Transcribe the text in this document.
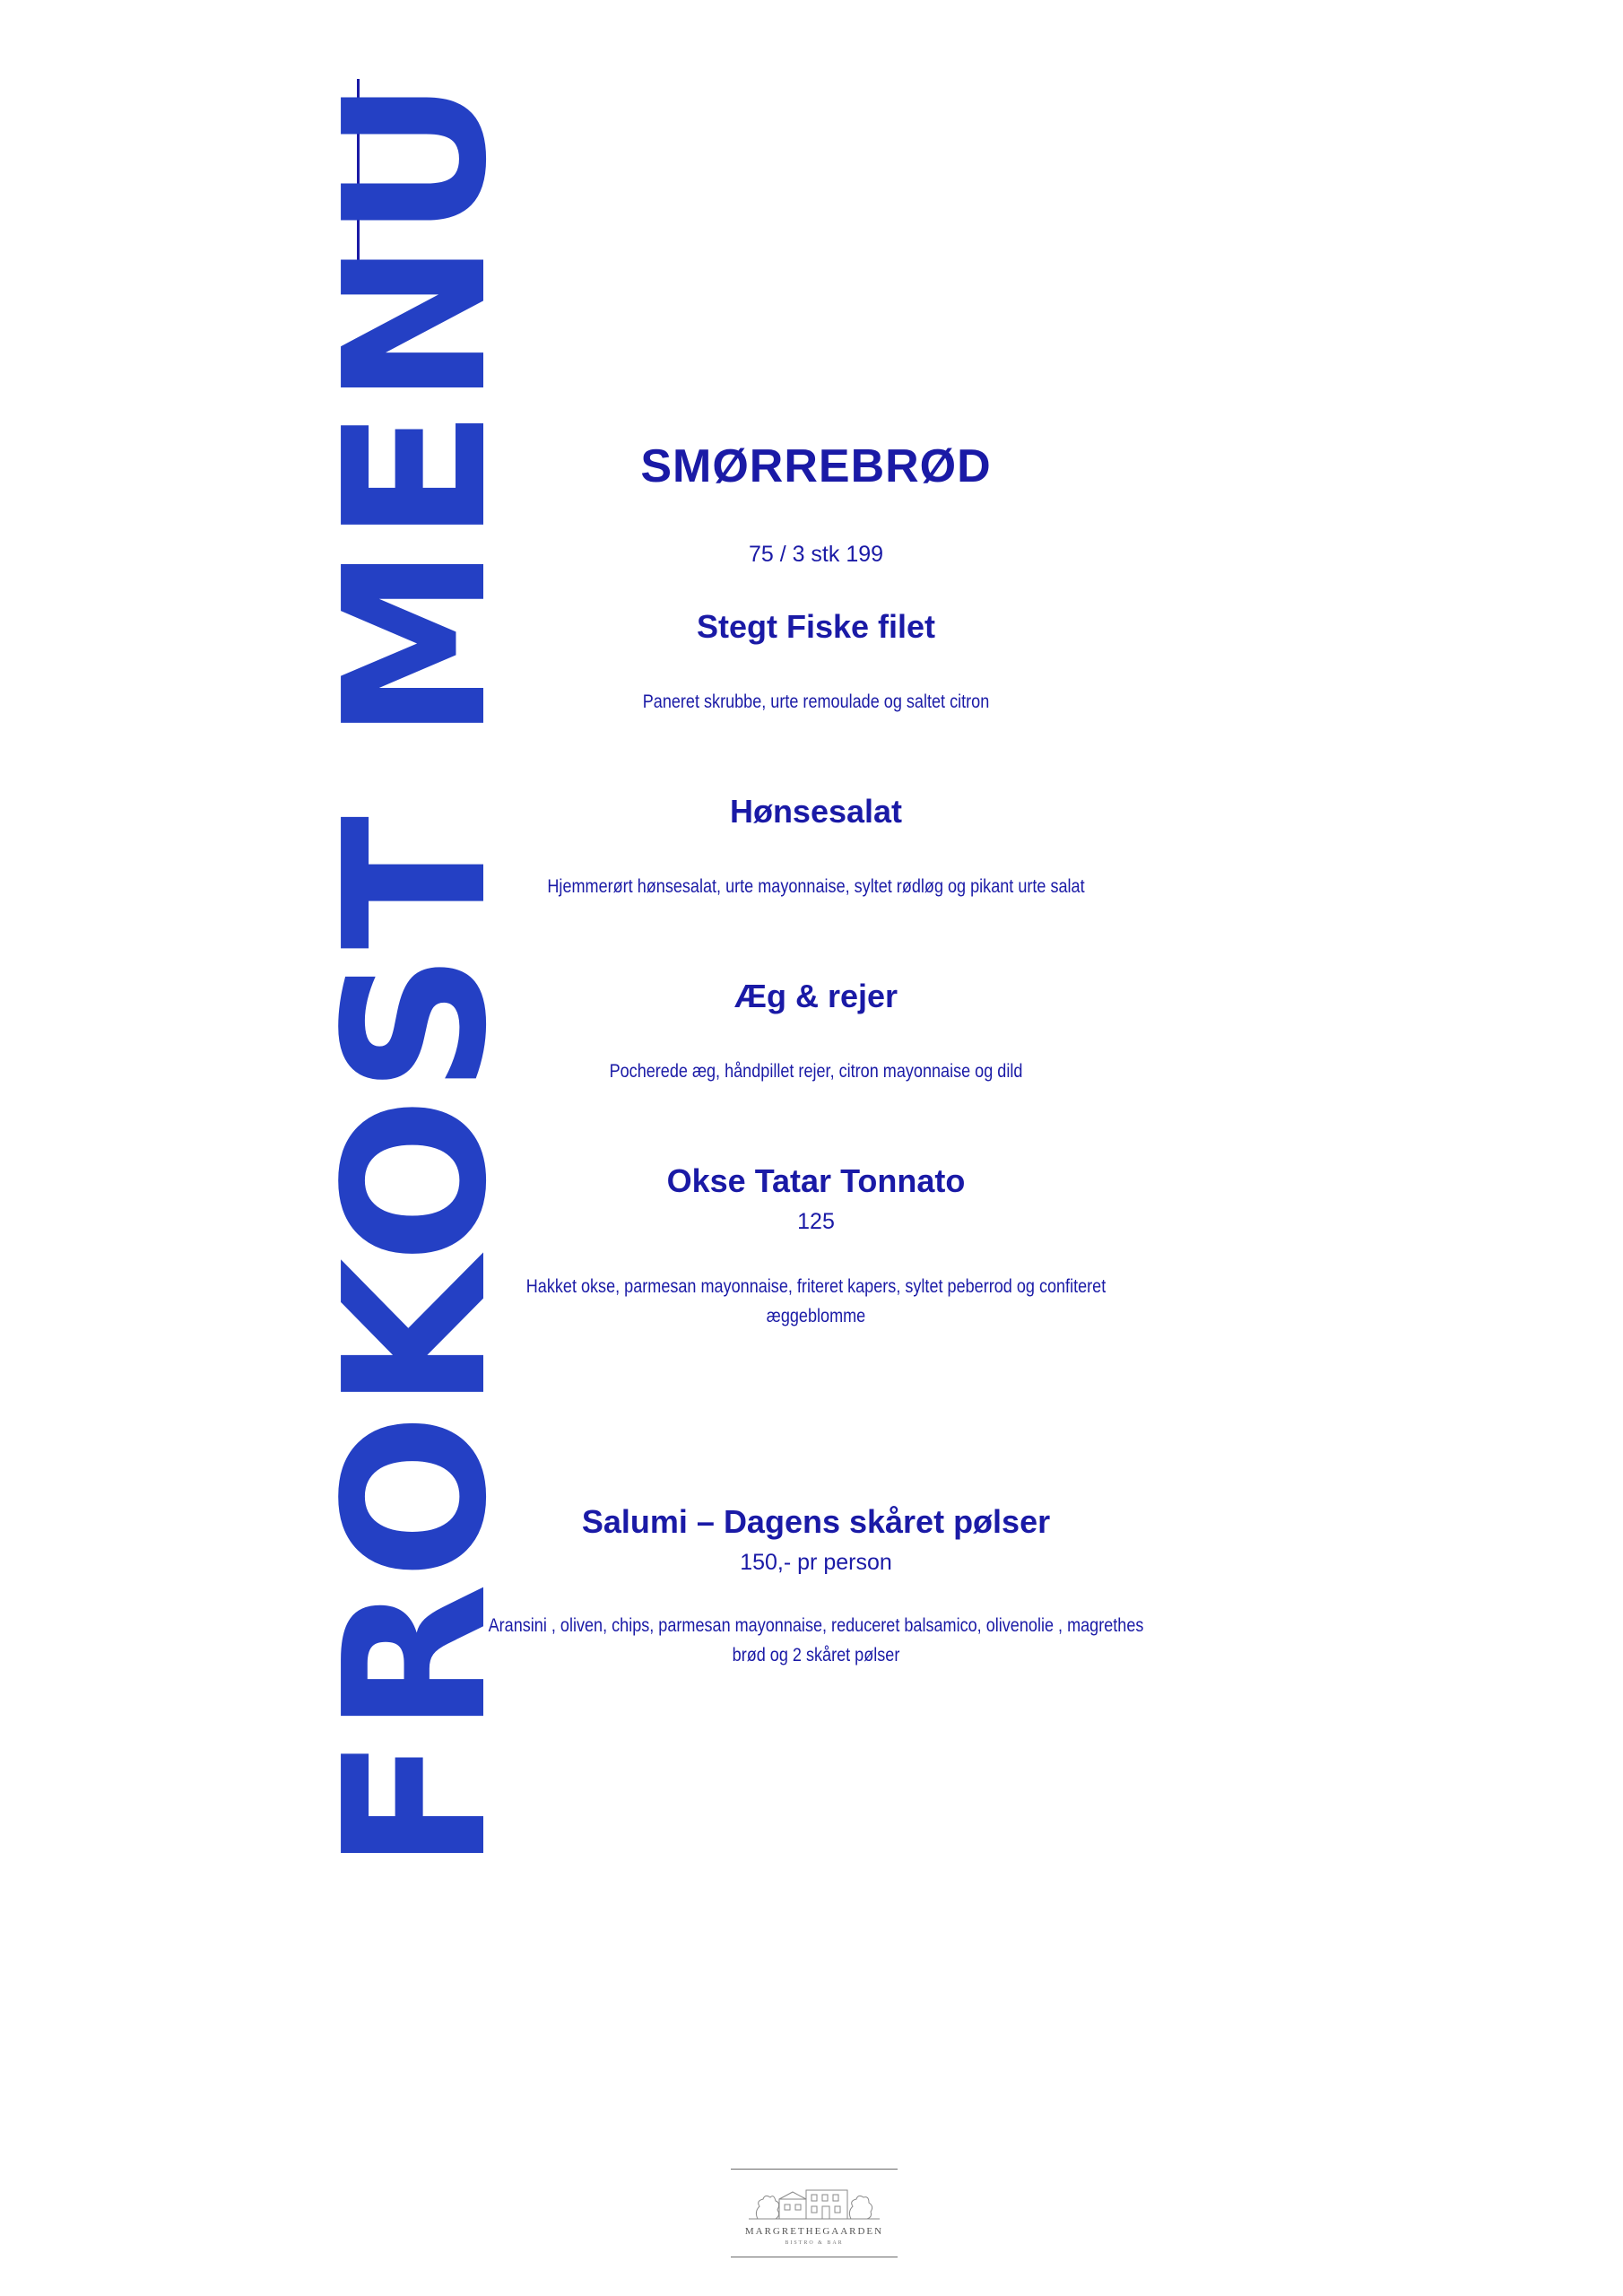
FROKOST MENU	SMØRREBRØD
75 / 3 stk 199
Stegt Fiske filet
Paneret skrubbe, urte remoulade og saltet citron
Hønsesalat
Hjemmerørt hønsesalat, urte mayonnaise, syltet rødløg og pikant urte salat
Æg & rejer
Pocherede æg, håndpillet rejer, citron mayonnaise og dild
Okse Tatar Tonnato
125
Hakket okse, parmesan mayonnaise, friteret kapers, syltet peberrod og confiteret
æggeblomme
Salumi – Dagens skåret pølser
150,- pr person
Aransini , oliven, chips, parmesan mayonnaise, reduceret balsamico, olivenolie , magrethes
brød og 2 skåret pølser
MARGRETHEGAARDEN
BISTRO & BAR
